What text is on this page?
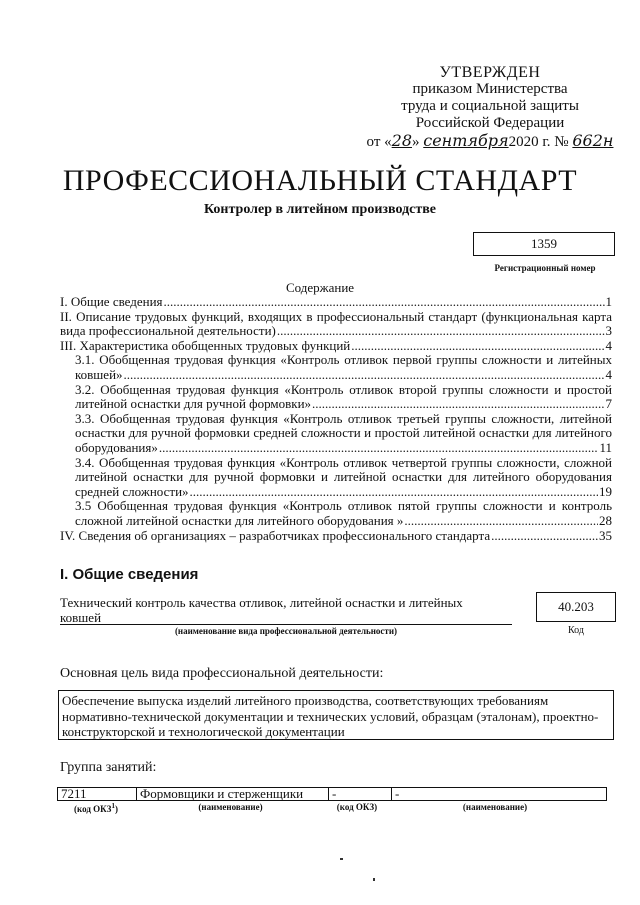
УТВЕРЖДЕН
приказом Министерства
труда и социальной защиты
Российской Федерации
от «28» сентября2020 г. № 662н
ПРОФЕССИОНАЛЬНЫЙ СТАНДАРТ
Контролер в литейном производстве
1359
Регистрационный номер
Содержание
I. Общие сведения .....	1
II. Описание трудовых функций, входящих в профессиональный стандарт (функциональная карта
вида профессиональной деятельности) .....	3
III. Характеристика обобщенных трудовых функций .....	4
3.1. Обобщенная трудовая функция «Контроль отливок первой группы сложности и литейных
ковшей» .....	4
3.2. Обобщенная трудовая функция «Контроль отливок второй группы сложности и простой
литейной оснастки для ручной формовки» .....	7
3.3. Обобщенная трудовая функция «Контроль отливок третьей группы сложности, литейной
оснастки для ручной формовки средней сложности и простой литейной оснастки для литейного
оборудования» .....	11
3.4. Обобщенная трудовая функция «Контроль отливок четвертой группы сложности, сложной
литейной оснастки для ручной формовки и литейной оснастки для литейного оборудования
средней сложности» .....	19
3.5 Обобщенная трудовая функция «Контроль отливок пятой группы сложности и контроль
сложной литейной оснастки для литейного оборудования » .....	28
IV. Сведения об организациях – разработчиках профессионального стандарта .....	35
I. Общие сведения
Технический контроль качества отливок, литейной оснастки и литейных
ковшей
(наименование вида профессиональной деятельности)
40.203
Код
Основная цель вида профессиональной деятельности:
Обеспечение выпуска изделий литейного производства, соответствующих требованиям нормативно-технической документации и технических условий, образцам (эталонам), проектно-конструкторской и технологической документации
Группа занятий:
7211	Формовщики и стерженщики	-	-
(код ОКЗ$^1$)	(наименование)	(код ОКЗ)	(наименование)
